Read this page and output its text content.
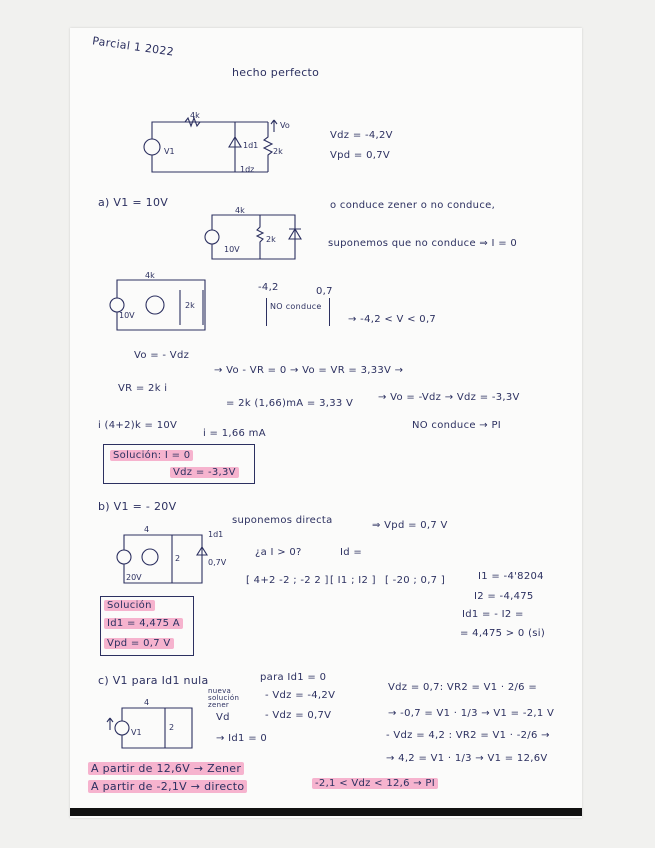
Parcial 1 2022
hecho perfecto
V1
4k
2k
Vo
1d1
1dz
Vdz = -4,2V
Vpd = 0,7V
a) V1 = 10V
10V
4k
2k
o conduce zener o no conduce,
suponemos que no conduce ⇒ I = 0
10V
4k
2k
-4,2	0,7
NO conduce
→ -4,2 < V < 0,7
Vo = - Vdz
→ Vo - VR = 0 → Vo = VR = 3,33V →
VR = 2k i
= 2k (1,66)mA = 3,33 V
→ Vo = -Vdz → Vdz = -3,3V
i (4+2)k = 10V
i = 1,66 mA
NO conduce → PI
Solución: I = 0
Vdz = -3,3V
b) V1 = - 20V
20V
4
2	0,7V
1d1
suponemos directa	⇒ Vpd = 0,7 V
¿a I > 0?	Id =
[ 4+2 -2 ; -2 2 ] [ I1 ; I2 ] [ -20 ; 0,7 ]	I1 = -4'8204
I2 = -4,475
Id1 = - I2 =
= 4,475 > 0 (si)
Solución
Id1 = 4,475 A
Vpd = 0,7 V
c) V1 para Id1 nula	para Id1 = 0
nueva solución zener
- Vdz = -4,2V
Vd	- Vdz = 0,7V
→ Id1 = 0
V1
4
2
Vdz = 0,7: VR2 = V1 · 2/6 =
→ -0,7 = V1 · 1/3 → V1 = -2,1 V
- Vdz = 4,2 : VR2 = V1 · -2/6 →
→ 4,2 = V1 · 1/3 → V1 = 12,6V
A partir de 12,6V → Zener
A partir de -2,1V → directo	-2,1 < Vdz < 12,6 → PI
